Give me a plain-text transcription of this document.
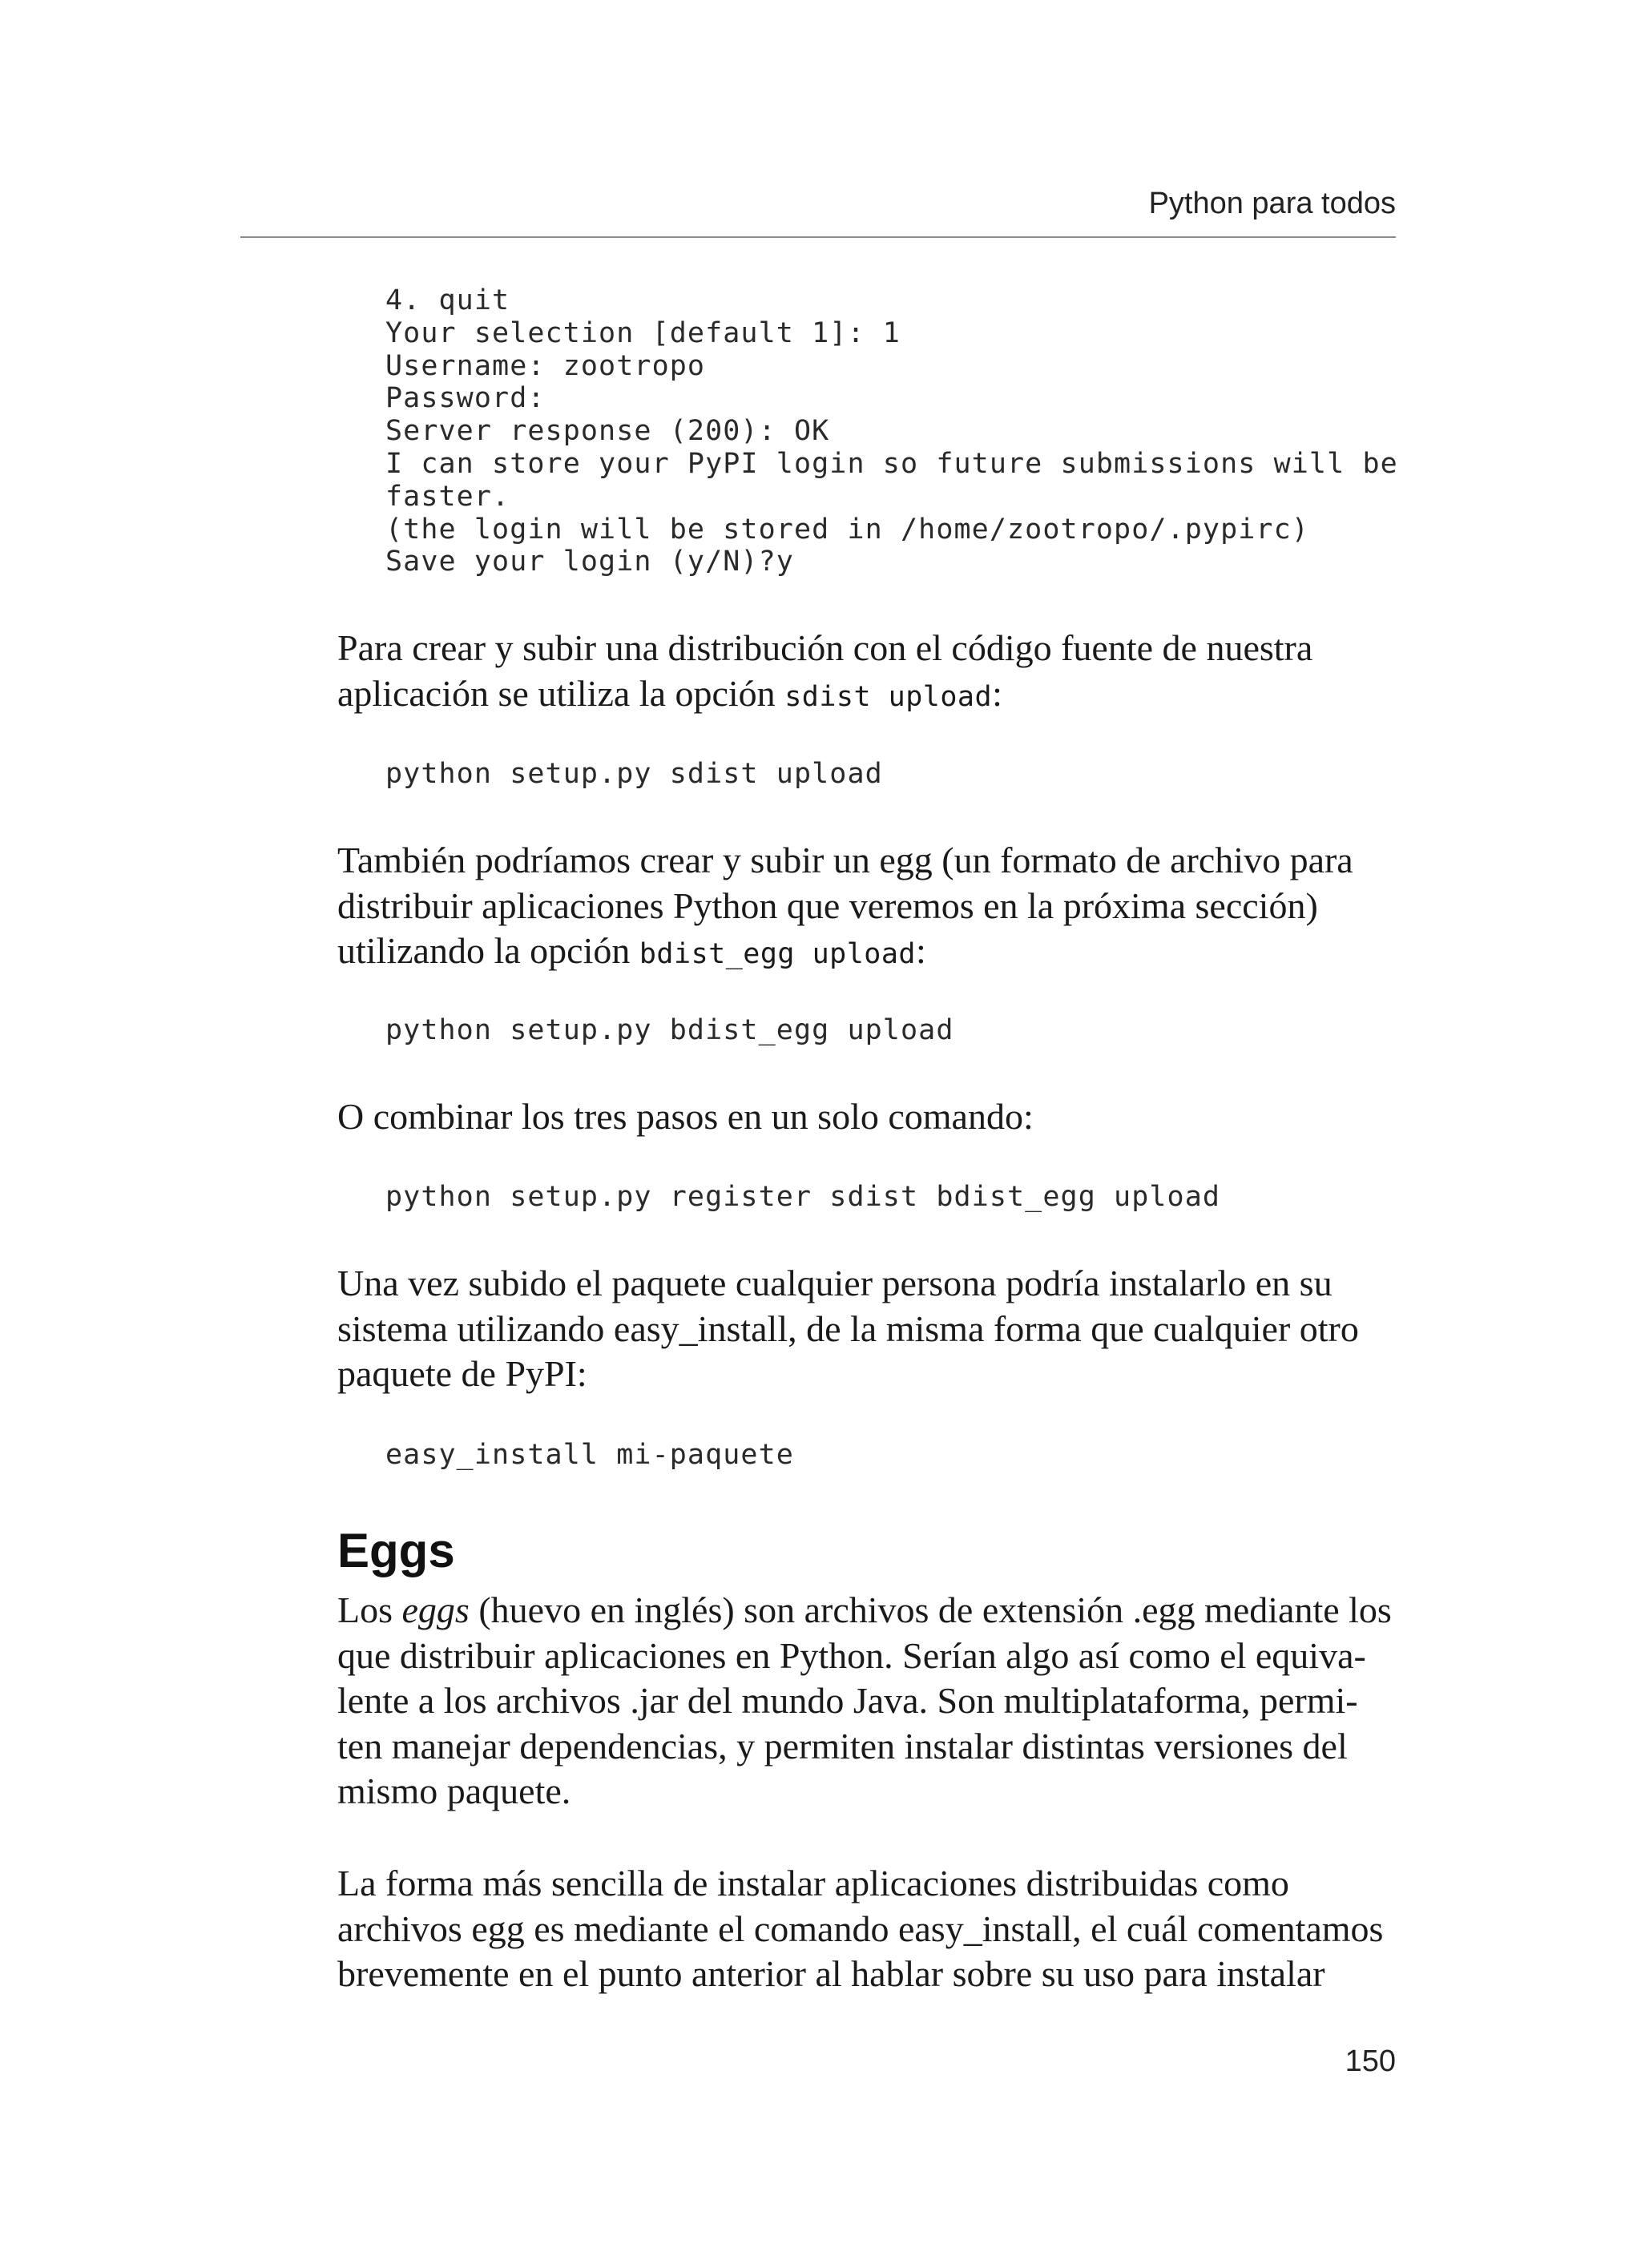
Python para todos
4. quit
Your selection [default 1]: 1
Username: zootropo
Password:
Server response (200): OK
I can store your PyPI login so future submissions will be
faster.
(the login will be stored in /home/zootropo/.pypirc)
Save your login (y/N)?y
Para crear y subir una distribución con el código fuente de nuestra
aplicación se utiliza la opción sdist upload:
python setup.py sdist upload
También podríamos crear y subir un egg (un formato de archivo para
distribuir aplicaciones Python que veremos en la próxima sección)
utilizando la opción bdist_egg upload:
python setup.py bdist_egg upload
O combinar los tres pasos en un solo comando:
python setup.py register sdist bdist_egg upload
Una vez subido el paquete cualquier persona podría instalarlo en su
sistema utilizando easy_install, de la misma forma que cualquier otro
paquete de PyPI:
easy_install mi-paquete
Eggs
Los eggs (huevo en inglés) son archivos de extensión .egg mediante los
que distribuir aplicaciones en Python. Serían algo así como el equiva-
lente a los archivos .jar del mundo Java. Son multiplataforma, permi-
ten manejar dependencias, y permiten instalar distintas versiones del
mismo paquete.
La forma más sencilla de instalar aplicaciones distribuidas como
archivos egg es mediante el comando easy_install, el cuál comentamos
brevemente en el punto anterior al hablar sobre su uso para instalar
150
